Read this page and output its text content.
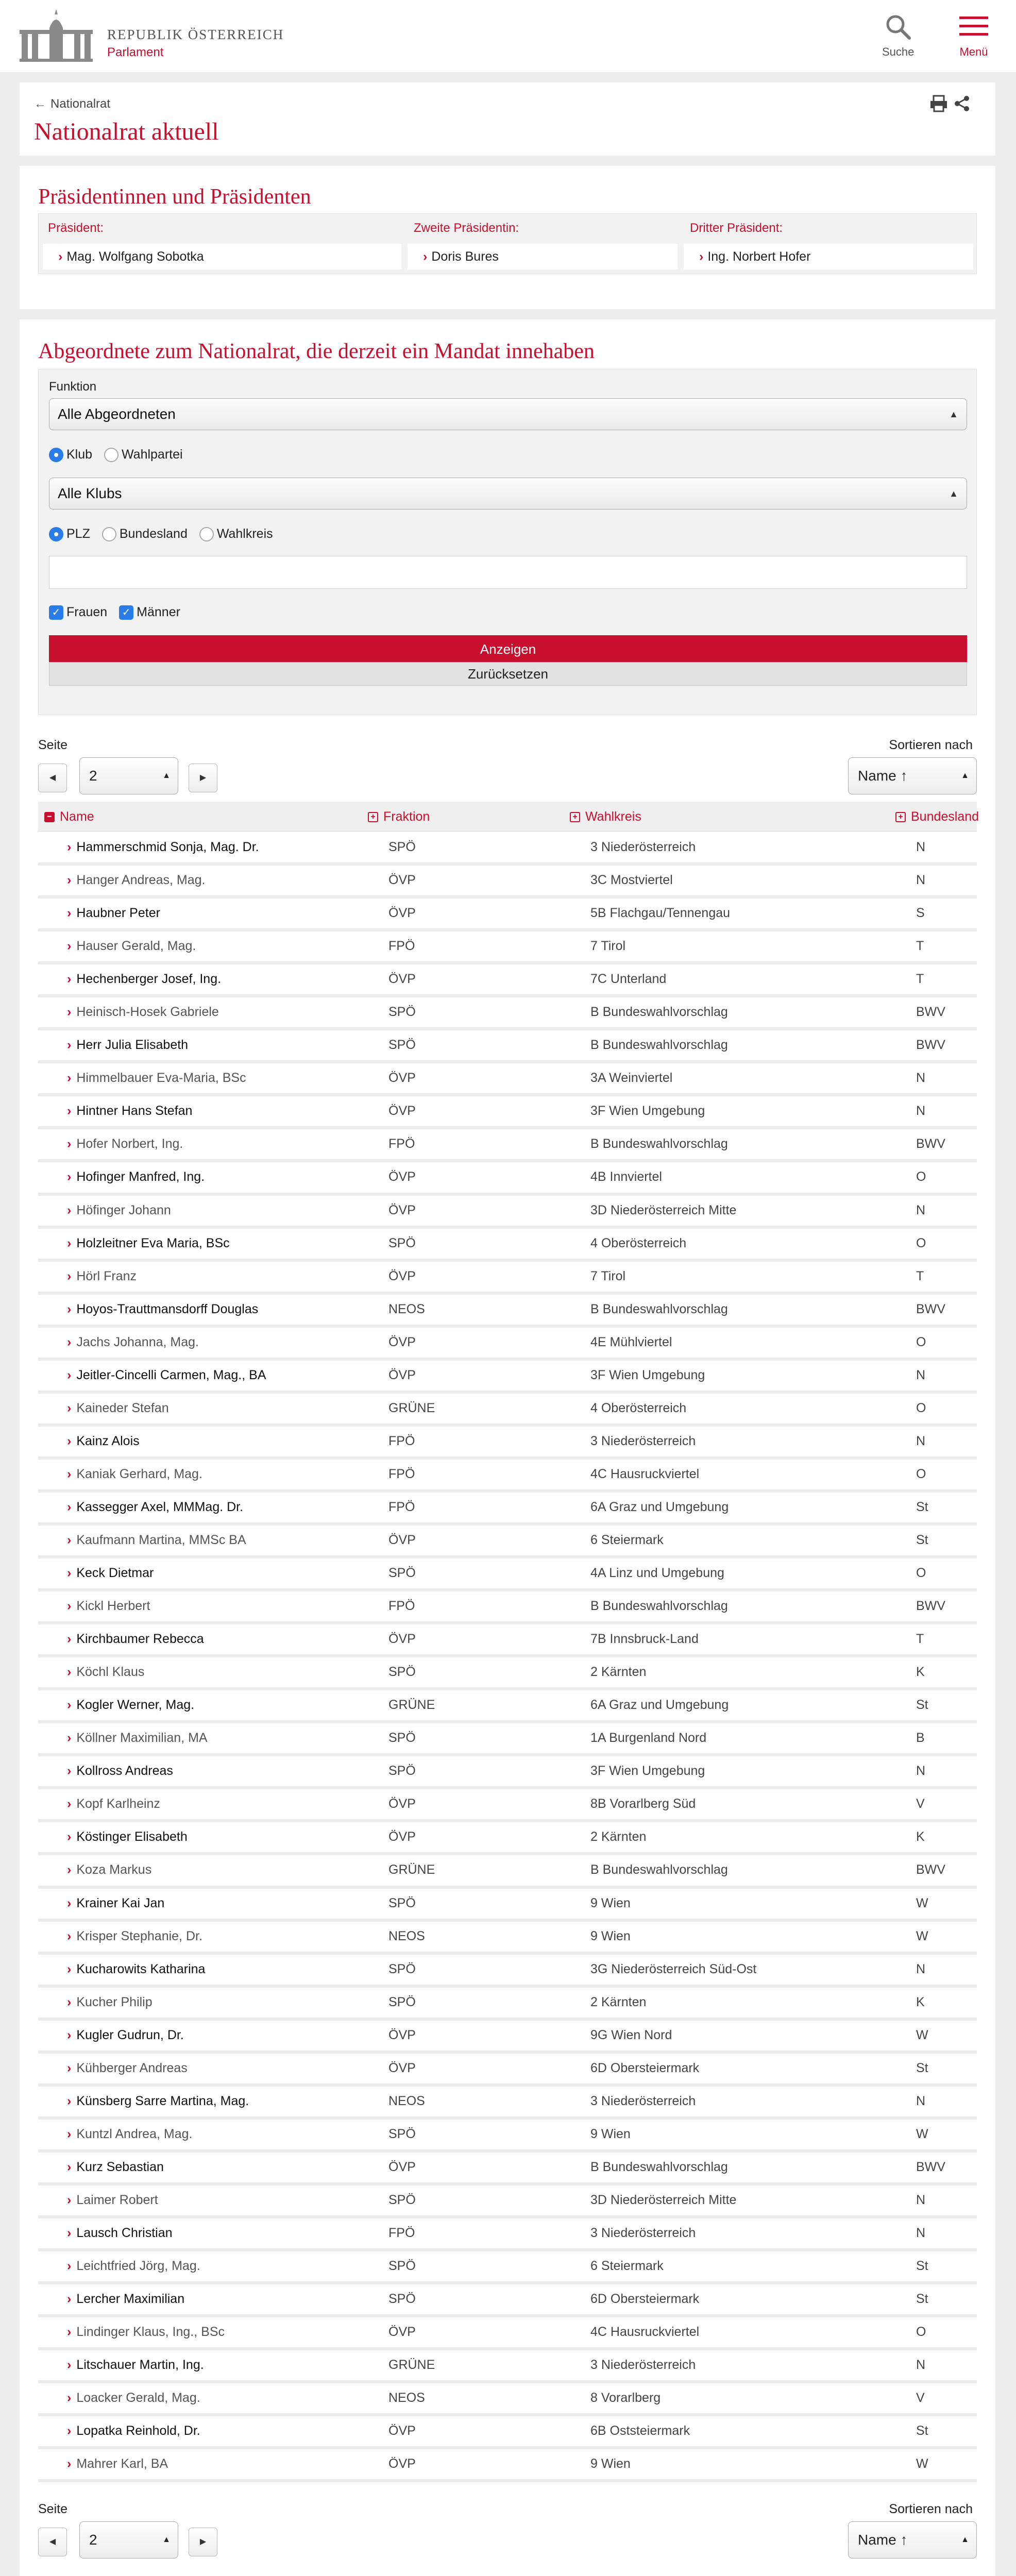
REPUBLIK ÖSTERREICH
Parlament	Suche	Menü
← Nationalrat
Nationalrat aktuell

Präsidentinnen und Präsidenten
Präsident:
› Mag. Wolfgang Sobotka
Zweite Präsidentin:
› Doris Bures
Dritter Präsident:
› Ing. Norbert Hofer
Abgeordnete zum Nationalrat, die derzeit ein Mandat innehaben
Funktion
Alle Abgeordneten	▲

Klub Wahlpartei
Alle Klubs	▲
PLZ Bundesland Wahlkreis
✓ Frauen ✓ Männer
Anzeigen
Zurücksetzen
Seite
◀	2	▲	▶
Sortieren nach
Name ↑	▲
− Name	+ Fraktion	+ Wahlkreis	+ Bundesland
› Hammerschmid Sonja, Mag. Dr.	SPÖ	3 Niederösterreich	N
› Hanger Andreas, Mag.	ÖVP	3C Mostviertel	N
› Haubner Peter	ÖVP	5B Flachgau/Tennengau	S
› Hauser Gerald, Mag.	FPÖ	7 Tirol	T
› Hechenberger Josef, Ing.	ÖVP	7C Unterland	T
› Heinisch-Hosek Gabriele	SPÖ	B Bundeswahlvorschlag	BWV
› Herr Julia Elisabeth	SPÖ	B Bundeswahlvorschlag	BWV
› Himmelbauer Eva-Maria, BSc	ÖVP	3A Weinviertel	N
› Hintner Hans Stefan	ÖVP	3F Wien Umgebung	N
› Hofer Norbert, Ing.	FPÖ	B Bundeswahlvorschlag	BWV
› Hofinger Manfred, Ing.	ÖVP	4B Innviertel	O
› Höfinger Johann	ÖVP	3D Niederösterreich Mitte	N
› Holzleitner Eva Maria, BSc	SPÖ	4 Oberösterreich	O
› Hörl Franz	ÖVP	7 Tirol	T
› Hoyos-Trauttmansdorff Douglas	NEOS	B Bundeswahlvorschlag	BWV
› Jachs Johanna, Mag.	ÖVP	4E Mühlviertel	O
› Jeitler-Cincelli Carmen, Mag., BA	ÖVP	3F Wien Umgebung	N
› Kaineder Stefan	GRÜNE	4 Oberösterreich	O
› Kainz Alois	FPÖ	3 Niederösterreich	N
› Kaniak Gerhard, Mag.	FPÖ	4C Hausruckviertel	O
› Kassegger Axel, MMMag. Dr.	FPÖ	6A Graz und Umgebung	St
› Kaufmann Martina, MMSc BA	ÖVP	6 Steiermark	St
› Keck Dietmar	SPÖ	4A Linz und Umgebung	O
› Kickl Herbert	FPÖ	B Bundeswahlvorschlag	BWV
› Kirchbaumer Rebecca	ÖVP	7B Innsbruck-Land	T
› Köchl Klaus	SPÖ	2 Kärnten	K
› Kogler Werner, Mag.	GRÜNE	6A Graz und Umgebung	St
› Köllner Maximilian, MA	SPÖ	1A Burgenland Nord	B
› Kollross Andreas	SPÖ	3F Wien Umgebung	N
› Kopf Karlheinz	ÖVP	8B Vorarlberg Süd	V
› Köstinger Elisabeth	ÖVP	2 Kärnten	K
› Koza Markus	GRÜNE	B Bundeswahlvorschlag	BWV
› Krainer Kai Jan	SPÖ	9 Wien	W
› Krisper Stephanie, Dr.	NEOS	9 Wien	W
› Kucharowits Katharina	SPÖ	3G Niederösterreich Süd-Ost	N
› Kucher Philip	SPÖ	2 Kärnten	K
› Kugler Gudrun, Dr.	ÖVP	9G Wien Nord	W
› Kühberger Andreas	ÖVP	6D Obersteiermark	St
› Künsberg Sarre Martina, Mag.	NEOS	3 Niederösterreich	N
› Kuntzl Andrea, Mag.	SPÖ	9 Wien	W
› Kurz Sebastian	ÖVP	B Bundeswahlvorschlag	BWV
› Laimer Robert	SPÖ	3D Niederösterreich Mitte	N
› Lausch Christian	FPÖ	3 Niederösterreich	N
› Leichtfried Jörg, Mag.	SPÖ	6 Steiermark	St
› Lercher Maximilian	SPÖ	6D Obersteiermark	St
› Lindinger Klaus, Ing., BSc	ÖVP	4C Hausruckviertel	O
› Litschauer Martin, Ing.	GRÜNE	3 Niederösterreich	N
› Loacker Gerald, Mag.	NEOS	8 Vorarlberg	V
› Lopatka Reinhold, Dr.	ÖVP	6B Oststeiermark	St
› Mahrer Karl, BA	ÖVP	9 Wien	W
Seite
◀	2	▲	▶
Sortieren nach
Name ↑	▲
